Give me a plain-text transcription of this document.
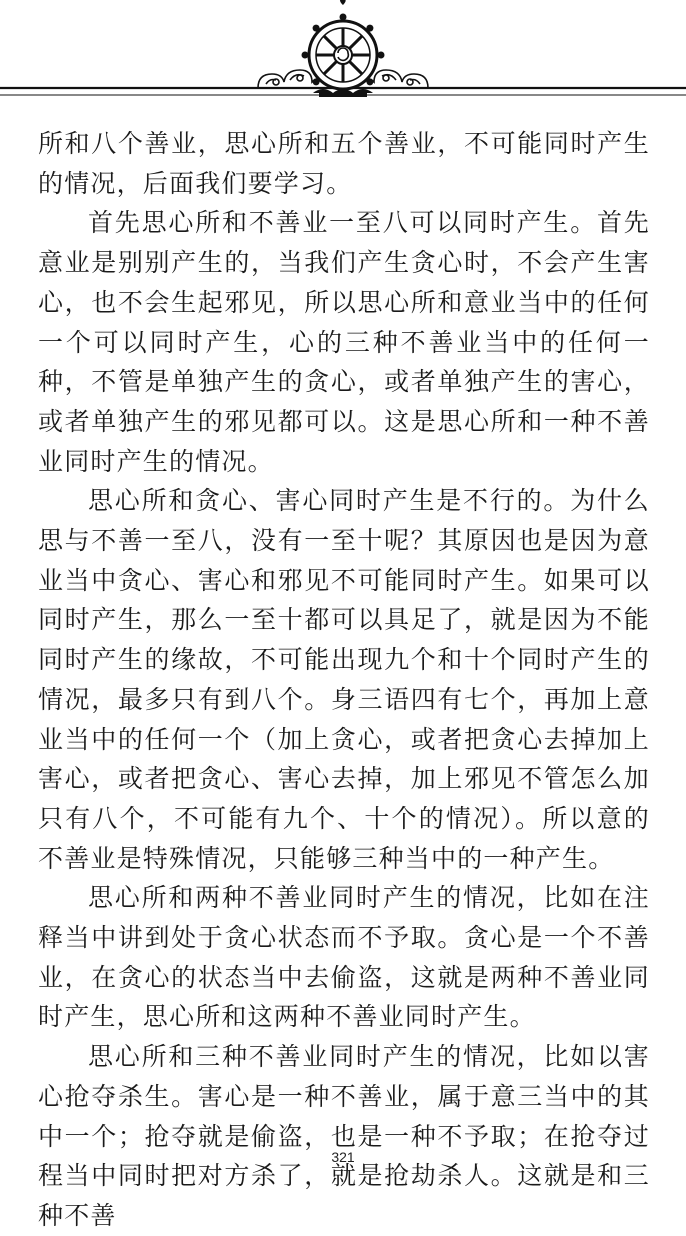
所和八个善业，思心所和五个善业，不可能同时产生的情况，后面我们要学习。

首先思心所和不善业一至八可以同时产生。首先意业是别别产生的，当我们产生贪心时，不会产生害心，也不会生起邪见，所以思心所和意业当中的任何一个可以同时产生，心的三种不善业当中的任何一种，不管是单独产生的贪心，或者单独产生的害心，或者单独产生的邪见都可以。这是思心所和一种不善业同时产生的情况。

思心所和贪心、害心同时产生是不行的。为什么思与不善一至八，没有一至十呢？其原因也是因为意业当中贪心、害心和邪见不可能同时产生。如果可以同时产生，那么一至十都可以具足了，就是因为不能同时产生的缘故，不可能出现九个和十个同时产生的情况，最多只有到八个。身三语四有七个，再加上意业当中的任何一个（加上贪心，或者把贪心去掉加上害心，或者把贪心、害心去掉，加上邪见不管怎么加只有八个，不可能有九个、十个的情况）。所以意的不善业是特殊情况，只能够三种当中的一种产生。

思心所和两种不善业同时产生的情况，比如在注释当中讲到处于贪心状态而不予取。贪心是一个不善业，在贪心的状态当中去偷盗，这就是两种不善业同时产生，思心所和这两种不善业同时产生。

思心所和三种不善业同时产生的情况，比如以害心抢夺杀生。害心是一种不善业，属于意三当中的其中一个；抢夺就是偷盗，也是一种不予取；在抢夺过程当中同时把对方杀了，就是抢劫杀人。这就是和三种不善

321
